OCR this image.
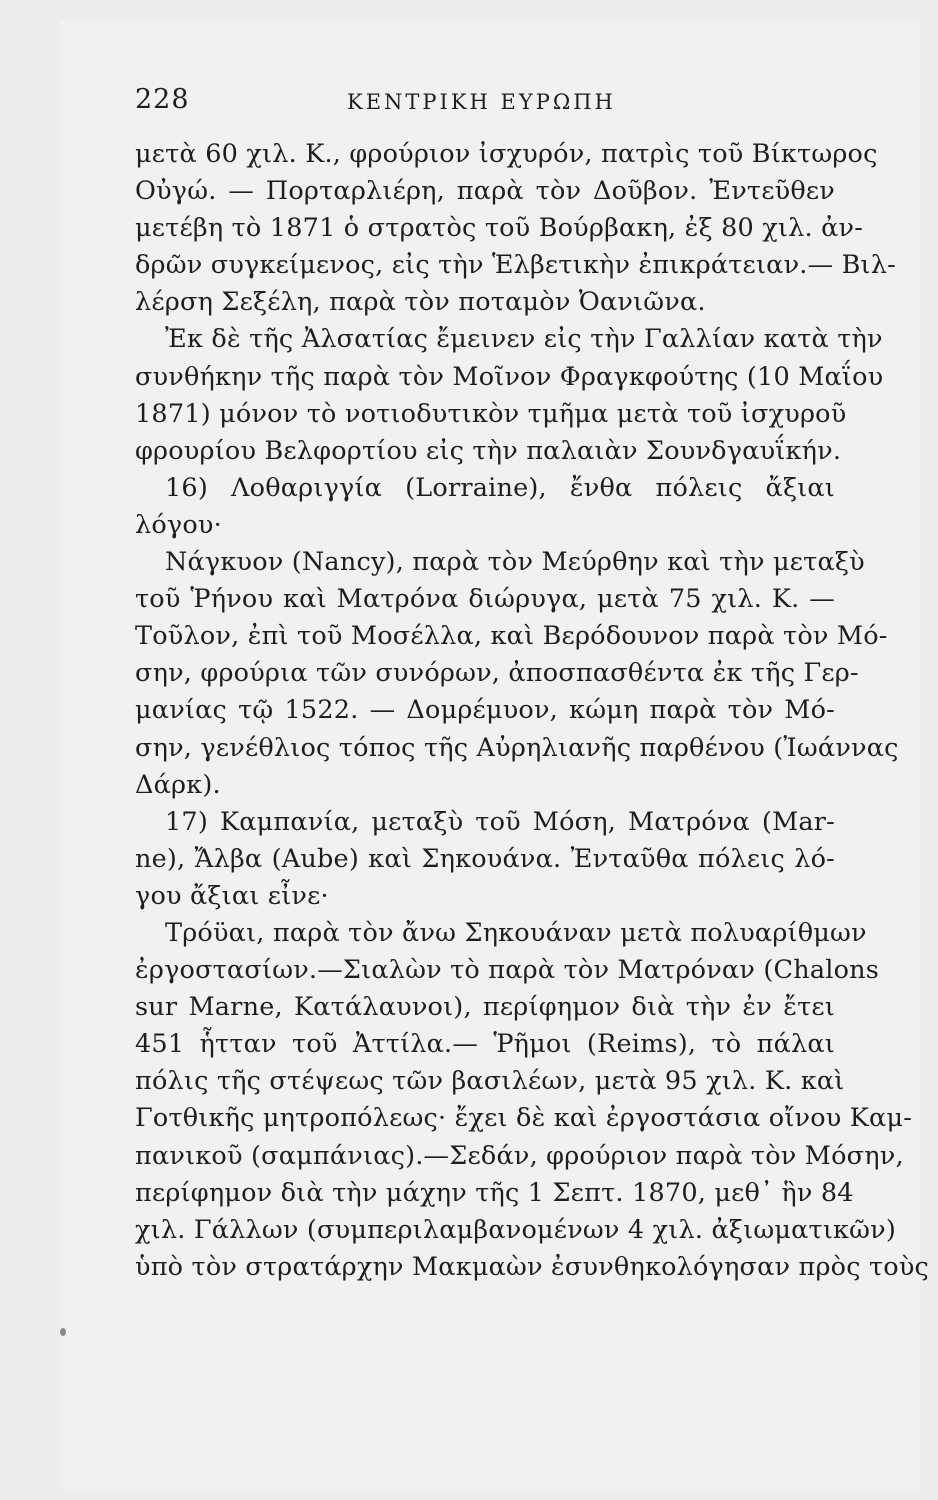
228	ΚΕΝΤΡΙΚΗ ΕΥΡΩΠΗ
μετὰ 60 χιλ. Κ., φρούριον ἰσχυρόν, πατρὶς τοῦ Βίκτωρος
Οὐγώ. — Πορταρλιέρη, παρὰ τὸν Δοῦβον. Ἐντεῦθεν
μετέβη τὸ 1871 ὁ στρατὸς τοῦ Βούρβακη, ἐξ 80 χιλ. ἀν-
δρῶν συγκείμενος, εἰς τὴν Ἑλβετικὴν ἐπικράτειαν.— Βιλ-
λέρση Σεξέλη, παρὰ τὸν ποταμὸν Ὀανιῶνα.
Ἐκ δὲ τῆς Ἀλσατίας ἔμεινεν εἰς τὴν Γαλλίαν κατὰ τὴν
συνθήκην τῆς παρὰ τὸν Μοῖνον Φραγκφούτης (10 Μαΐου
1871) μόνον τὸ νοτιοδυτικὸν τμῆμα μετὰ τοῦ ἰσχυροῦ
φρουρίου Βελφορτίου εἰς τὴν παλαιὰν Σουνδγαυΐκήν.
16) Λοθαριγγία (Lorraine), ἔνθα πόλεις ἄξιαι
λόγου·
Νάγκυον (Nancy), παρὰ τὸν Μεύρθην καὶ τὴν μεταξὺ
τοῦ Ῥήνου καὶ Ματρόνα διώρυγα, μετὰ 75 χιλ. Κ. —
Τοῦλον, ἐπὶ τοῦ Μοσέλλα, καὶ Βερόδουνον παρὰ τὸν Μό-
σην, φρούρια τῶν συνόρων, ἀποσπασθέντα ἐκ τῆς Γερ-
μανίας τῷ 1522. — Δομρέμυον, κώμη παρὰ τὸν Μό-
σην, γενέθλιος τόπος τῆς Αὐρηλιανῆς παρθένου (Ἰωάννας
Δάρκ).
17) Καμπανία, μεταξὺ τοῦ Μόση, Ματρόνα (Mar-
ne), Ἄλβα (Aube) καὶ Σηκουάνα. Ἐνταῦθα πόλεις λό-
γου ἄξιαι εἶνε·
Τρόϋαι, παρὰ τὸν ἄνω Σηκουάναν μετὰ πολυαρίθμων
ἐργοστασίων.—Σιαλὼν τὸ παρὰ τὸν Ματρόναν (Chalons
sur Marne, Κατάλαυνοι), περίφημον διὰ τὴν ἐν ἔτει
451 ἧτταν τοῦ Ἀττίλα.— Ῥῆμοι (Reims), τὸ πάλαι
πόλις τῆς στέψεως τῶν βασιλέων, μετὰ 95 χιλ. Κ. καὶ
Γοτθικῆς μητροπόλεως· ἔχει δὲ καὶ ἐργοστάσια οἴνου Καμ-
πανικοῦ (σαμπάνιας).—Σεδάν, φρούριον παρὰ τὸν Μόσην,
περίφημον διὰ τὴν μάχην τῆς 1 Σεπτ. 1870, μεθ᾽ ἣν 84
χιλ. Γάλλων (συμπεριλαμβανομένων 4 χιλ. ἀξιωματικῶν)
ὑπὸ τὸν στρατάρχην Μακμαὼν ἐσυνθηκολόγησαν πρὸς τοὺς
